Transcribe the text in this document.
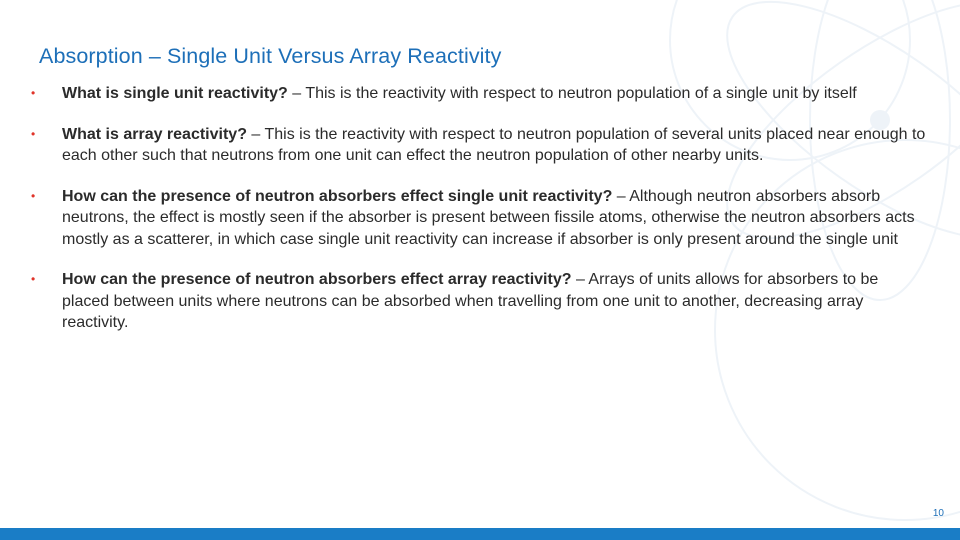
Absorption – Single Unit Versus Array Reactivity
• What is single unit reactivity? – This is the reactivity with respect to neutron population of a single unit by itself
• What is array reactivity? – This is the reactivity with respect to neutron population of several units placed near enough to each other such that neutrons from one unit can effect the neutron population of other nearby units.
• How can the presence of neutron absorbers effect single unit reactivity? – Although neutron absorbers absorb neutrons, the effect is mostly seen if the absorber is present between fissile atoms, otherwise the neutron absorbers acts mostly as a scatterer, in which case single unit reactivity can increase if absorber is only present around the single unit
• How can the presence of neutron absorbers effect array reactivity? – Arrays of units allows for absorbers to be placed between units where neutrons can be absorbed when travelling from one unit to another, decreasing array reactivity.
10
